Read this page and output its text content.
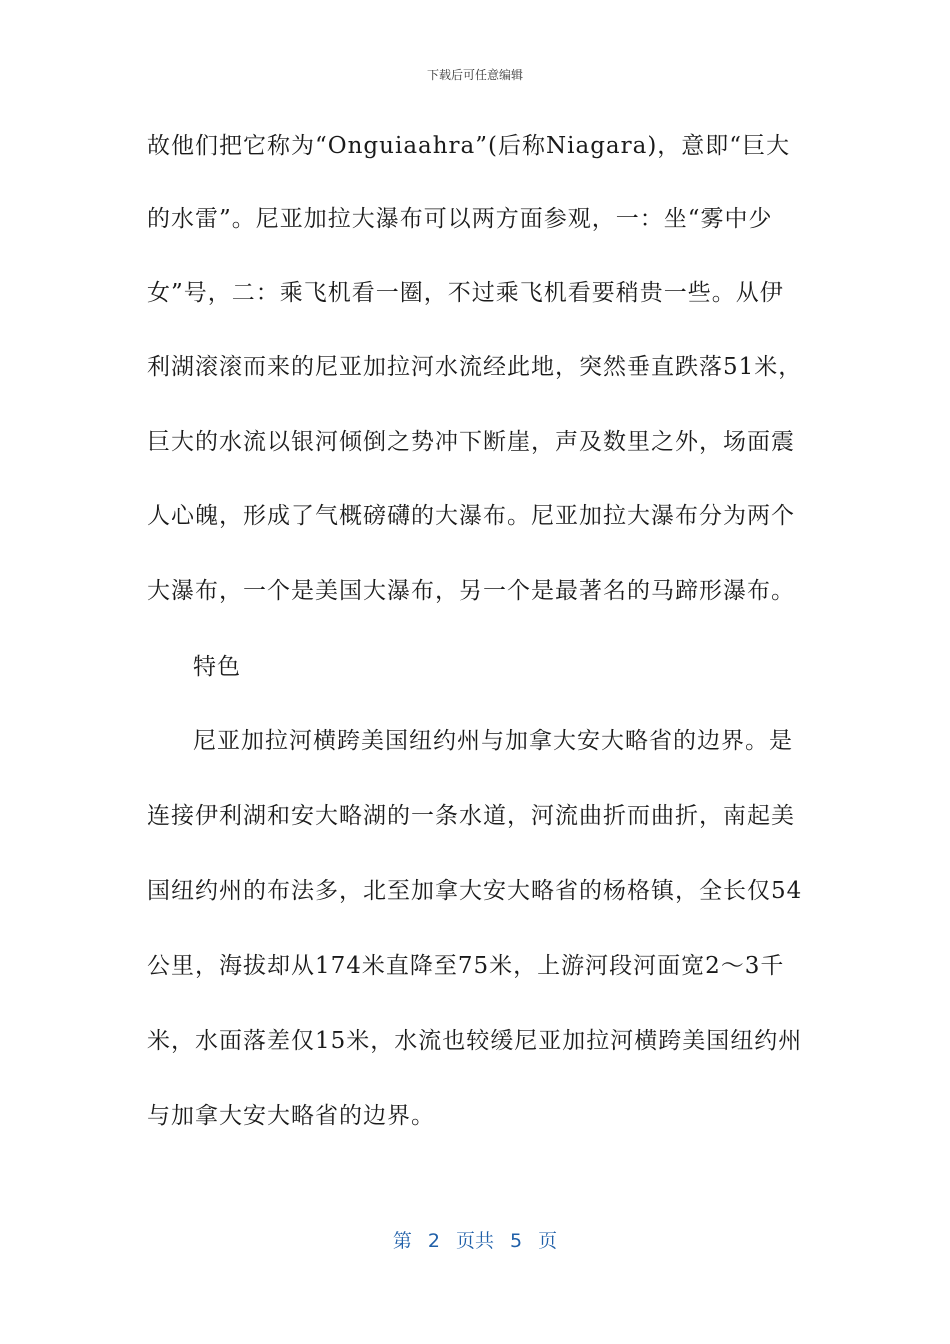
下载后可任意编辑
故他们把它称为“Onguiaahra”(后称Niagara)，意即“巨大
的水雷”。尼亚加拉大瀑布可以两方面参观，一：坐“雾中少
女”号，二：乘飞机看一圈，不过乘飞机看要稍贵一些。从伊
利湖滚滚而来的尼亚加拉河水流经此地，突然垂直跌落51米，
巨大的水流以银河倾倒之势冲下断崖，声及数里之外，场面震
人心魄，形成了气概磅礴的大瀑布。尼亚加拉大瀑布分为两个
大瀑布，一个是美国大瀑布，另一个是最著名的马蹄形瀑布。
特色
尼亚加拉河横跨美国纽约州与加拿大安大略省的边界。是
连接伊利湖和安大略湖的一条水道，河流曲折而曲折，南起美
国纽约州的布法多，北至加拿大安大略省的杨格镇，全长仅54
公里，海拔却从174米直降至75米，上游河段河面宽2～3千
米，水面落差仅15米，水流也较缓尼亚加拉河横跨美国纽约州
与加拿大安大略省的边界。
第 2 页共 5 页
